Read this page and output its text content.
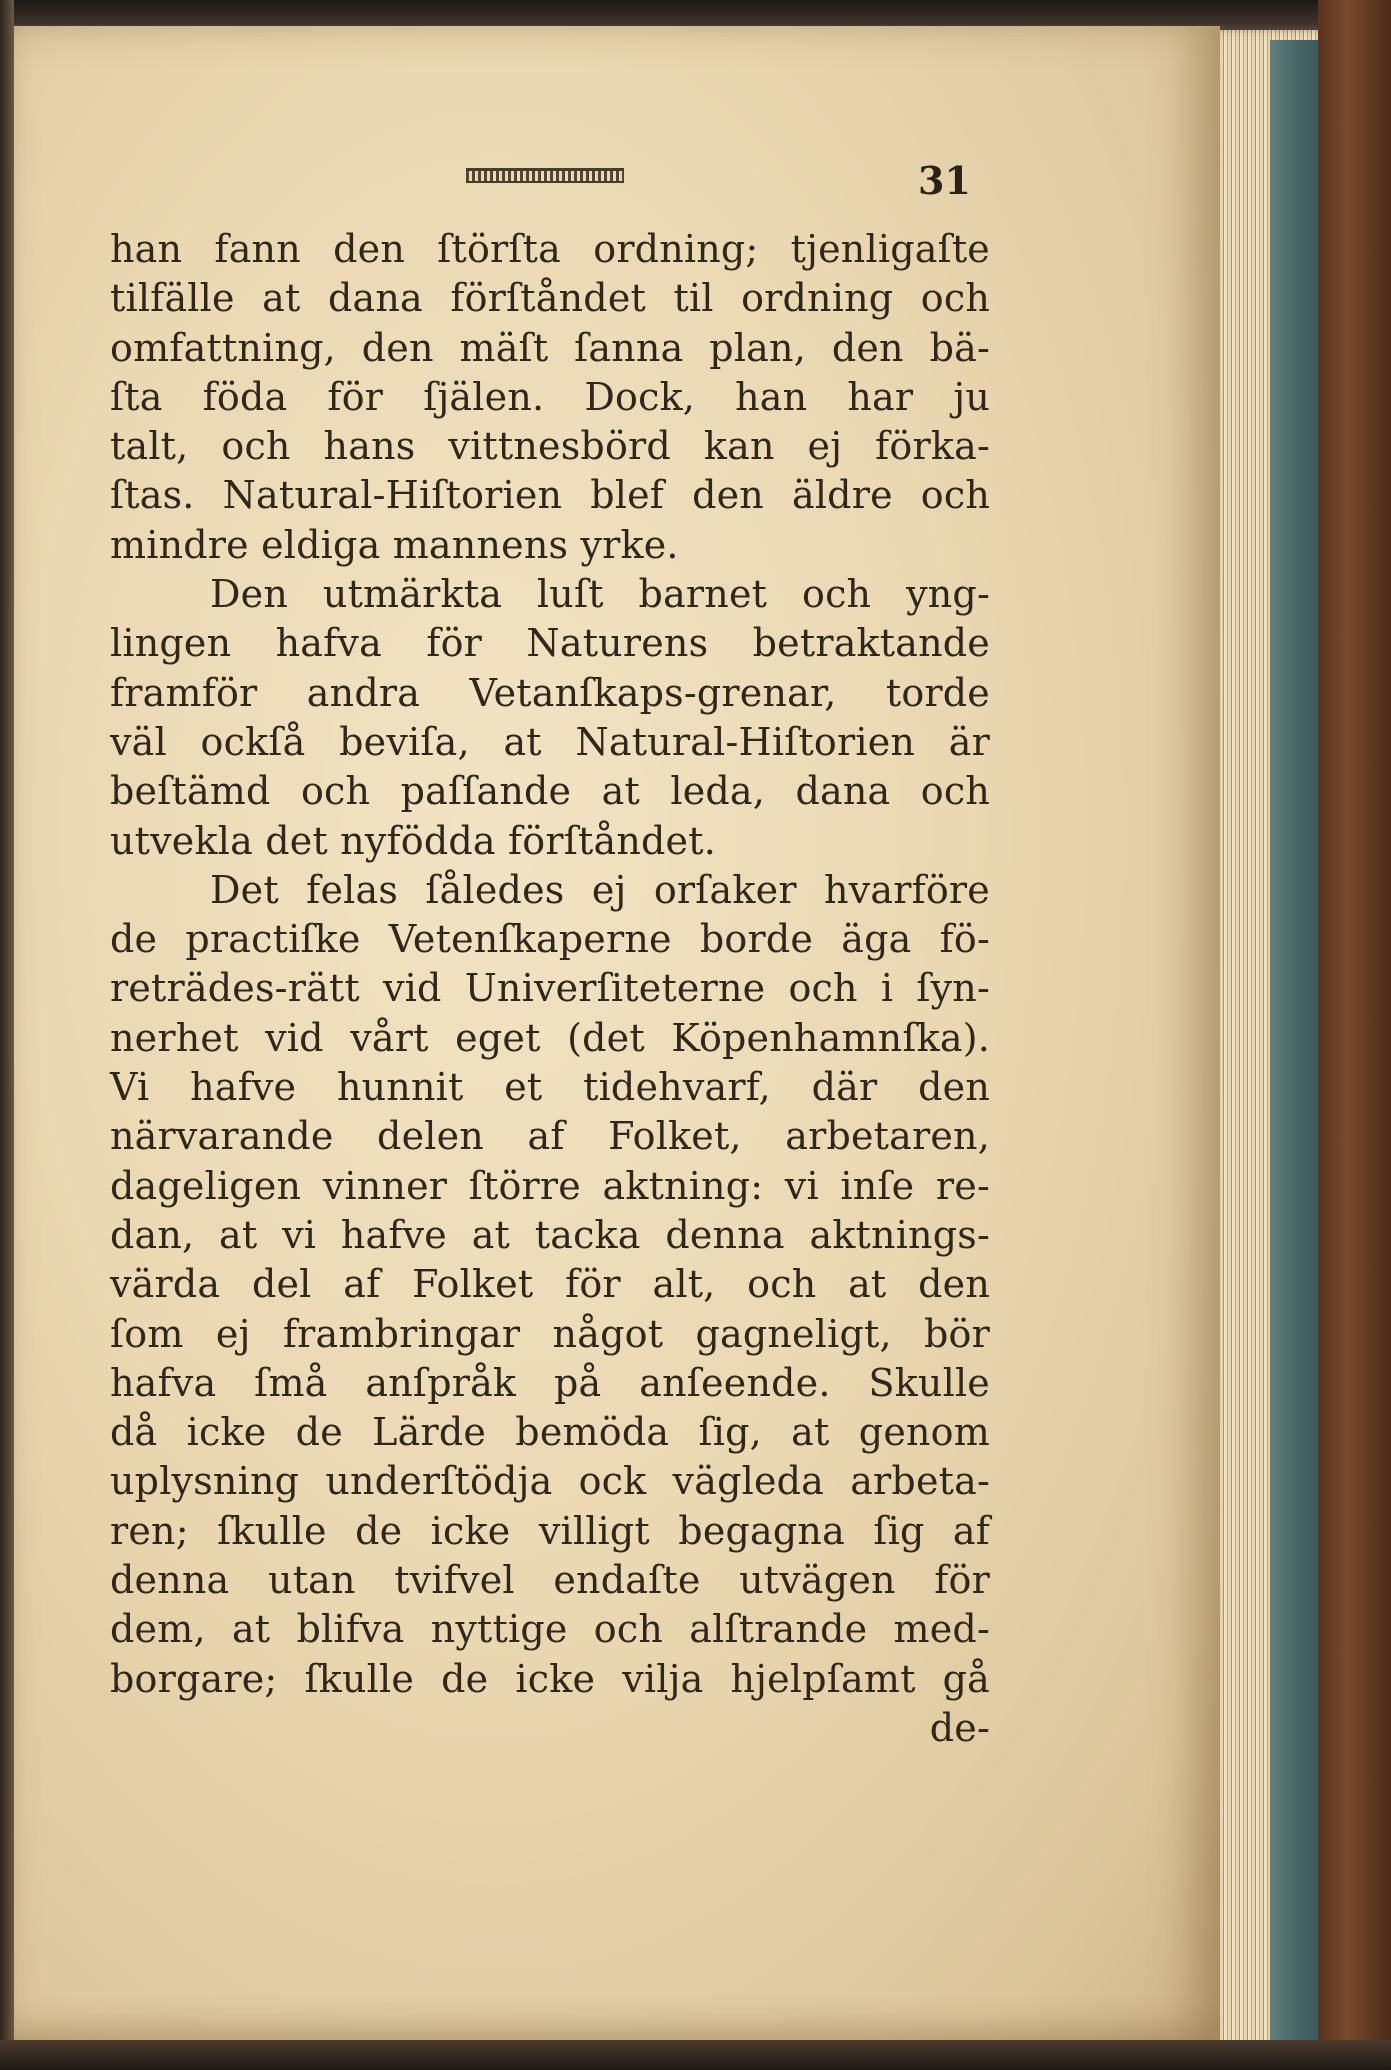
31
han fann den ſtörſta ordning; tjenligaſte
tilfälle at dana förſtåndet til ordning och
omfattning, den mäſt ſanna plan, den bä-
ſta föda för ſjälen. Dock, han har ju
talt, och hans vittnesbörd kan ej förka-
ſtas. Natural-Hiſtorien blef den äldre och
mindre eldiga mannens yrke.
Den utmärkta luſt barnet och yng-
lingen hafva för Naturens betraktande
framför andra Vetanſkaps-grenar, torde
väl ockſå beviſa, at Natural-Hiſtorien är
beſtämd och paſſande at leda, dana och
utvekla det nyfödda förſtåndet.
Det felas ſåledes ej orſaker hvarföre
de practiſke Vetenſkaperne borde äga fö-
reträdes-rätt vid Univerſiteterne och i ſyn-
nerhet vid vårt eget (det Köpenhamnſka).
Vi hafve hunnit et tidehvarf, där den
närvarande delen af Folket, arbetaren,
dageligen vinner ſtörre aktning: vi inſe re-
dan, at vi hafve at tacka denna aktnings-
värda del af Folket för alt, och at den
ſom ej frambringar något gagneligt, bör
hafva ſmå anſpråk på anſeende. Skulle
då icke de Lärde bemöda ſig, at genom
uplysning underſtödja ock vägleda arbeta-
ren; ſkulle de icke villigt begagna ſig af
denna utan tvifvel endaſte utvägen för
dem, at blifva nyttige och alſtrande med-
borgare; ſkulle de icke vilja hjelpſamt gå
de-
